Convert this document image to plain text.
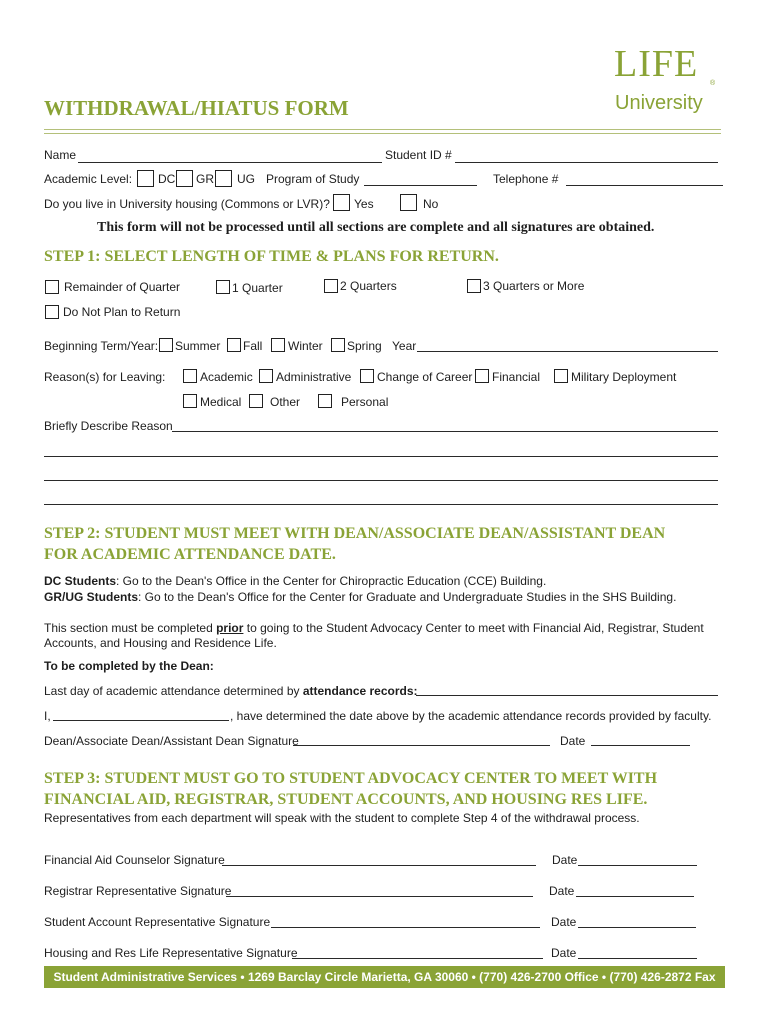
LIFE ®
University
WITHDRAWAL/HIATUS FORM
Name	Student ID #
Academic Level: DC GR UG Program of Study	Telephone #
Do you live in University housing (Commons or LVR)? Yes	No
This form will not be processed until all sections are complete and all signatures are obtained.
STEP 1: SELECT LENGTH OF TIME & PLANS FOR RETURN.
Remainder of Quarter	1 Quarter	2 Quarters	3 Quarters or More
Do Not Plan to Return
Beginning Term/Year: Summer Fall Winter Spring Year
Reason(s) for Leaving:	Academic Administrative Change of Career Financial	Military Deployment
Medical Other	Personal
Briefly Describe Reason
STEP 2: STUDENT MUST MEET WITH DEAN/ASSOCIATE DEAN/ASSISTANT DEAN
FOR ACADEMIC ATTENDANCE DATE.
DC Students: Go to the Dean's Office in the Center for Chiropractic Education (CCE) Building.
GR/UG Students: Go to the Dean's Office for the Center for Graduate and Undergraduate Studies in the SHS Building.
This section must be completed prior to going to the Student Advocacy Center to meet with Financial Aid, Registrar, Student
Accounts, and Housing and Residence Life.
To be completed by the Dean:
Last day of academic attendance determined by attendance records:
I,	, have determined the date above by the academic attendance records provided by faculty.
Dean/Associate Dean/Assistant Dean Signature	Date
STEP 3: STUDENT MUST GO TO STUDENT ADVOCACY CENTER TO MEET WITH
FINANCIAL AID, REGISTRAR, STUDENT ACCOUNTS, AND HOUSING RES LIFE.
Representatives from each department will speak with the student to complete Step 4 of the withdrawal process.
Financial Aid Counselor Signature	Date
Registrar Representative Signature	Date
Student Account Representative Signature	Date
Housing and Res Life Representative Signature	Date
Student Administrative Services • 1269 Barclay Circle Marietta, GA 30060 • (770) 426-2700 Office • (770) 426-2872 Fax
